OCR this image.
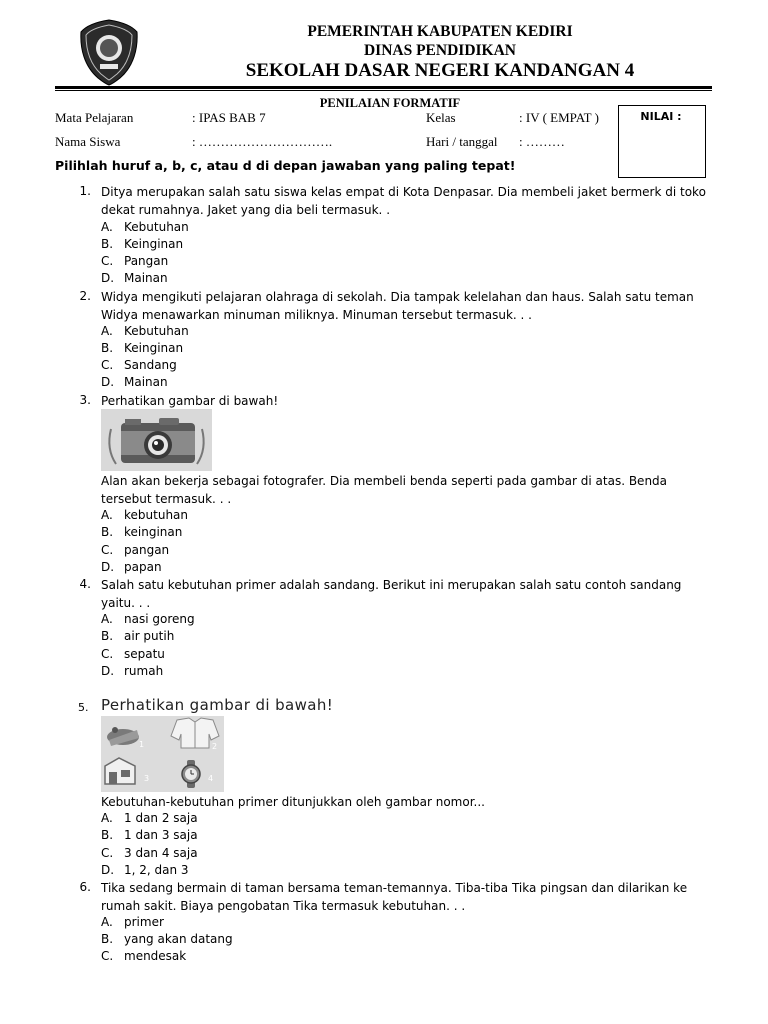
PEMERINTAH KABUPATEN KEDIRI
DINAS PENDIDIKAN
SEKOLAH DASAR NEGERI KANDANGAN 4
PENILAIAN FORMATIF
Mata Pelajaran	: IPAS BAB 7	Kelas	: IV ( EMPAT )
Nama Siswa	: ………………………….	Hari / tanggal : ………
NILAI :
Pilihlah huruf a, b, c, atau d di depan jawaban yang paling tepat!
1. Ditya merupakan salah satu siswa kelas empat di Kota Denpasar. Dia membeli jaket bermerk di toko
dekat rumahnya. Jaket yang dia beli termasuk. .
A. Kebutuhan
B. Keinginan
C. Pangan
D. Mainan
2. Widya mengikuti pelajaran olahraga di sekolah. Dia tampak kelelahan dan haus. Salah satu teman
Widya menawarkan minuman miliknya. Minuman tersebut termasuk. . .
A. Kebutuhan
B. Keinginan
C. Sandang
D. Mainan
3. Perhatikan gambar di bawah!
Alan akan bekerja sebagai fotografer. Dia membeli benda seperti pada gambar di atas. Benda
tersebut termasuk. . .
A. kebutuhan
B. keinginan
C. pangan
D. papan
4. Salah satu kebutuhan primer adalah sandang. Berikut ini merupakan salah satu contoh sandang
yaitu. . .
A. nasi goreng
B. air putih
C. sepatu
D. rumah
5. Perhatikan gambar di bawah!
1	2
3	4
Kebutuhan-kebutuhan primer ditunjukkan oleh gambar nomor...
A. 1 dan 2 saja
B. 1 dan 3 saja
C. 3 dan 4 saja
D. 1, 2, dan 3
6. Tika sedang bermain di taman bersama teman-temannya. Tiba-tiba Tika pingsan dan dilarikan ke
rumah sakit. Biaya pengobatan Tika termasuk kebutuhan. . .
A. primer
B. yang akan datang
C. mendesak
